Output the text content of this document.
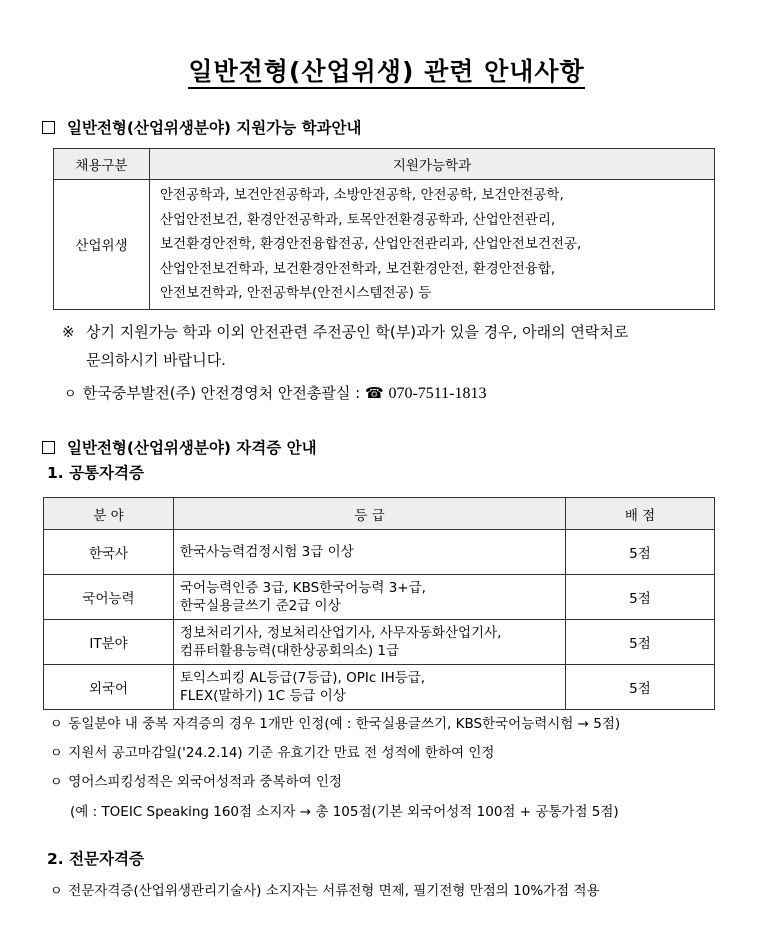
일반전형(산업위생) 관련 안내사항
일반전형(산업위생분야) 지원가능 학과안내
채용구분	지원가능학과
산업위생	안전공학과, 보건안전공학과, 소방안전공학, 안전공학, 보건안전공학,
산업안전보건, 환경안전공학과, 토목안전환경공학과, 산업안전관리,
보건환경안전학, 환경안전융합전공, 산업안전관리과, 산업안전보건전공,
산업안전보건학과, 보건환경안전학과, 보건환경안전, 환경안전융합,
안전보건학과, 안전공학부(안전시스템전공) 등
※ 상기 지원가능 학과 이외 안전관련 주전공인 학(부)과가 있을 경우, 아래의 연락처로
문의하시기 바랍니다.
ㅇ 한국중부발전(주) 안전경영처 안전총괄실 : ☎ 070-7511-1813
일반전형(산업위생분야) 자격증 안내
1. 공통자격증
분 야	등 급	배 점
한국사	한국사능력검정시험 3급 이상	5점
국어능력	국어능력인증 3급, KBS한국어능력 3+급,
한국실용글쓰기 준2급 이상	5점
IT분야	정보처리기사, 정보처리산업기사, 사무자동화산업기사,
컴퓨터활용능력(대한상공회의소) 1급	5점
외국어	토익스피킹 AL등급(7등급), OPIc IH등급,
FLEX(말하기) 1C 등급 이상	5점
ㅇ 동일분야 내 중복 자격증의 경우 1개만 인정(예 : 한국실용글쓰기, KBS한국어능력시험 → 5점)
ㅇ 지원서 공고마감일('24.2.14) 기준 유효기간 만료 전 성적에 한하여 인정
ㅇ 영어스피킹성적은 외국어성적과 중복하여 인정
(예 : TOEIC Speaking 160점 소지자 → 총 105점(기본 외국어성적 100점 + 공통가점 5점)
2. 전문자격증
ㅇ 전문자격증(산업위생관리기술사) 소지자는 서류전형 면제, 필기전형 만점의 10%가점 적용
